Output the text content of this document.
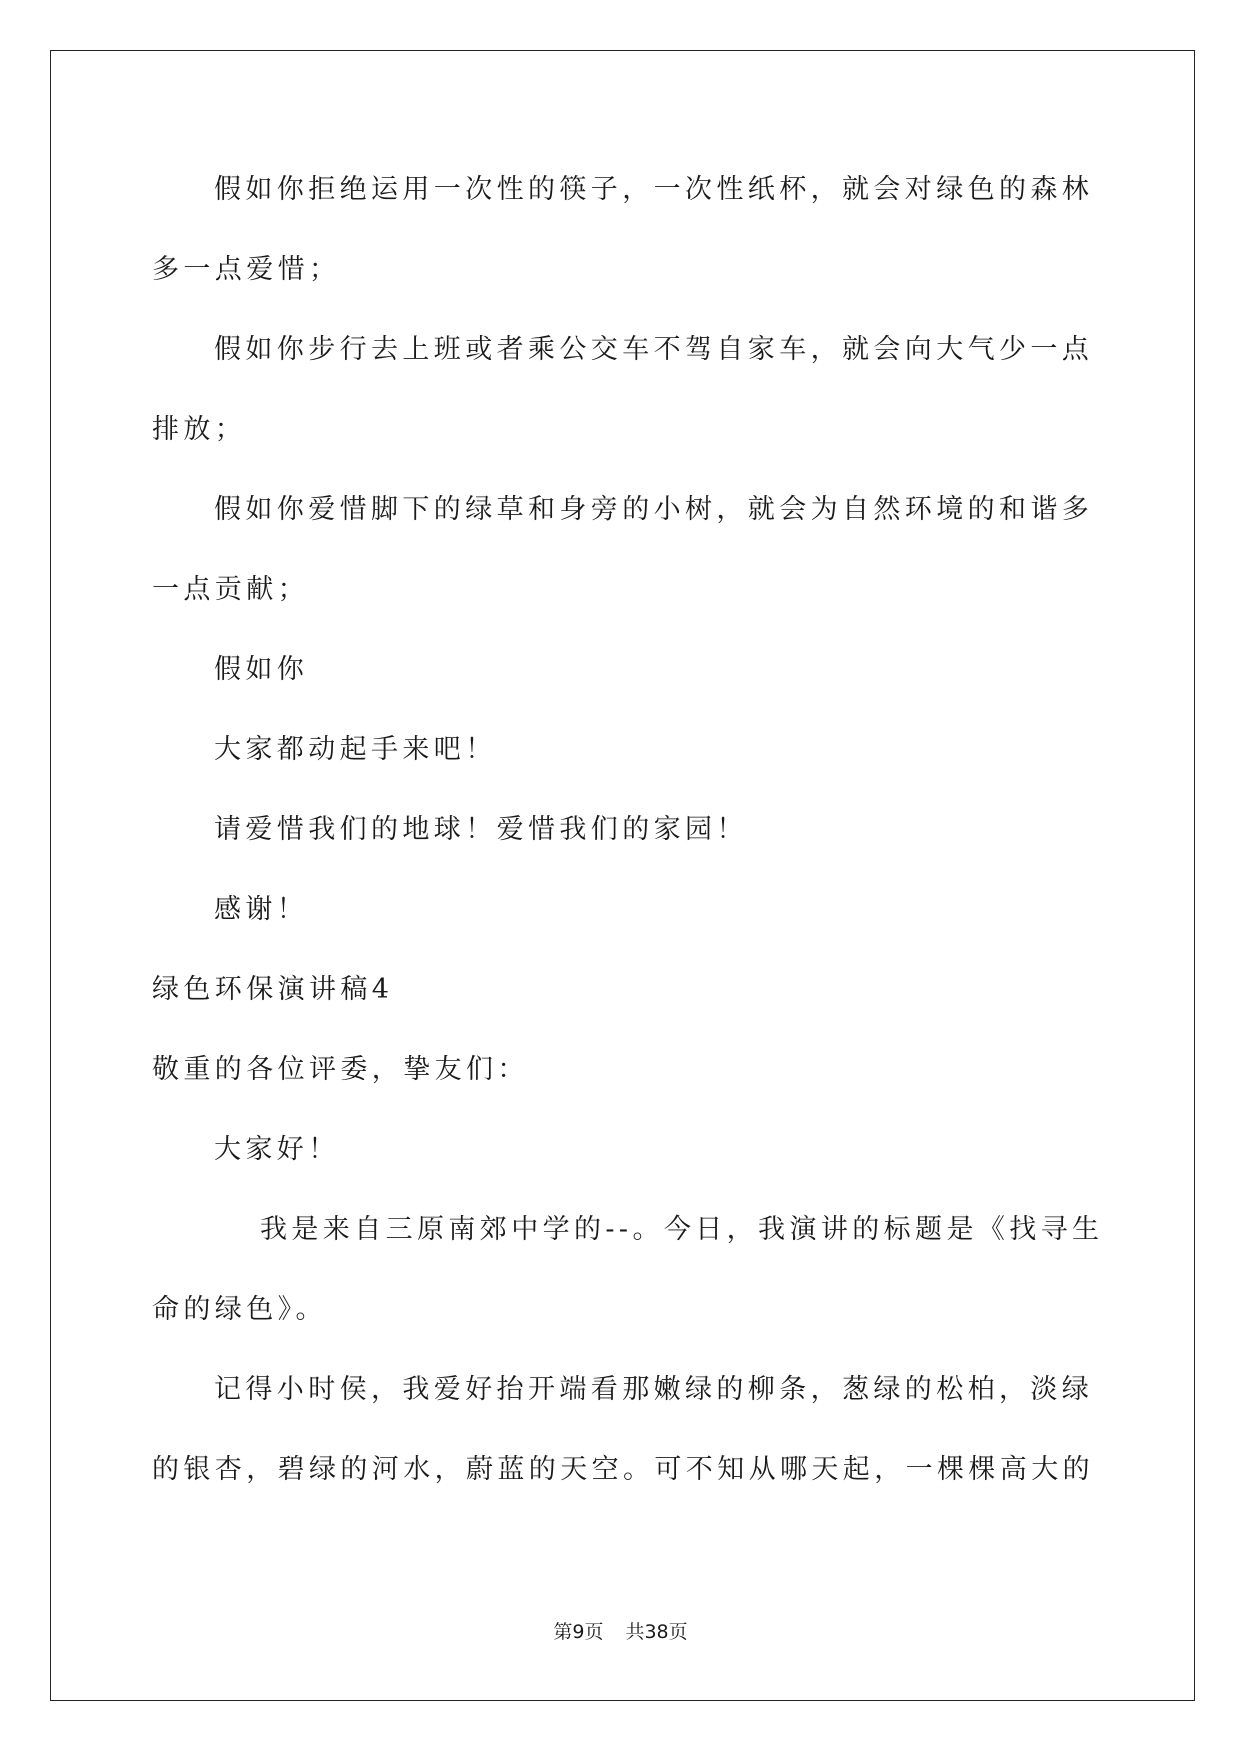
假如你拒绝运用一次性的筷子，一次性纸杯，就会对绿色的森林
多一点爱惜；
假如你步行去上班或者乘公交车不驾自家车，就会向大气少一点
排放；
假如你爱惜脚下的绿草和身旁的小树，就会为自然环境的和谐多
一点贡献；
假如你
大家都动起手来吧！
请爱惜我们的地球！爱惜我们的家园！
感谢！
绿色环保演讲稿4
敬重的各位评委，挚友们：
大家好！
我是来自三原南郊中学的--。今日，我演讲的标题是《找寻生
命的绿色》。
记得小时侯，我爱好抬开端看那嫩绿的柳条，葱绿的松柏，淡绿
的银杏，碧绿的河水，蔚蓝的天空。可不知从哪天起，一棵棵高大的
第9页 共38页
